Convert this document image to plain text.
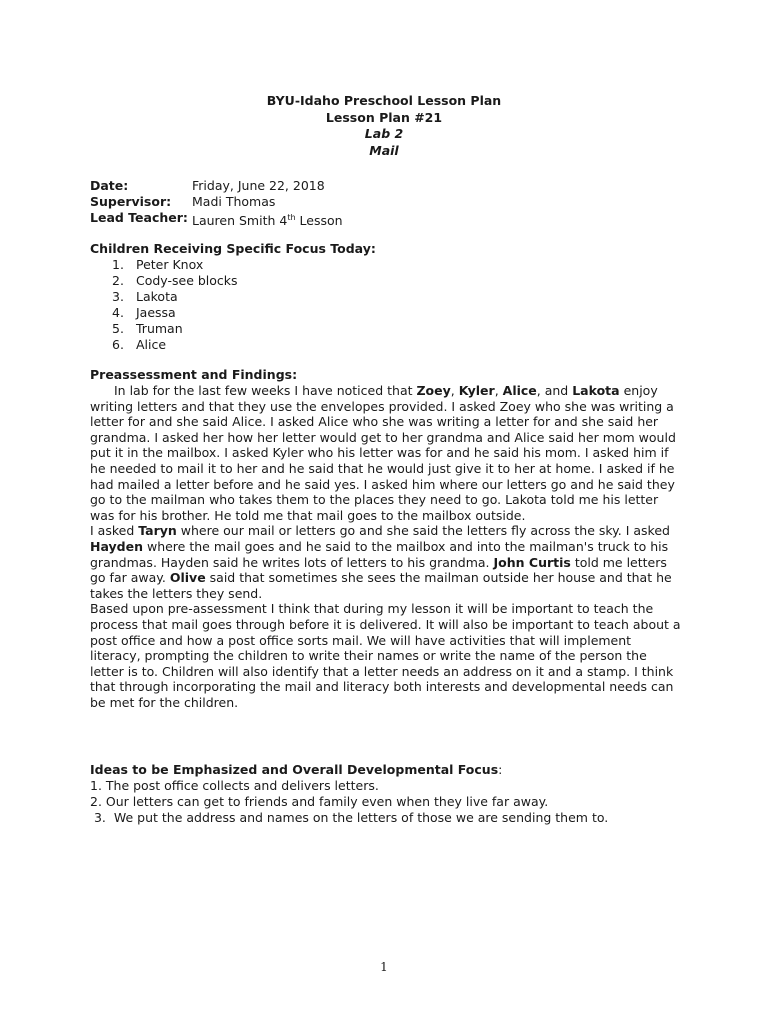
BYU-Idaho Preschool Lesson Plan
Lesson Plan #21
Lab 2
Mail
Date:	Friday, June 22, 2018
Supervisor:	Madi Thomas
Lead Teacher: Lauren Smith 4th Lesson
Children Receiving Specific Focus Today:
1. Peter Knox
2. Cody-see blocks
3. Lakota
4. Jaessa
5. Truman
6. Alice
Preassessment and Findings:

In lab for the last few weeks I have noticed that Zoey, Kyler, Alice, and Lakota enjoy writing letters and that they use the envelopes provided. I asked Zoey who she was writing a letter for and she said Alice. I asked Alice who she was writing a letter for and she said her grandma. I asked her how her letter would get to her grandma and Alice said her mom would put it in the mailbox. I asked Kyler who his letter was for and he said his mom. I asked him if he needed to mail it to her and he said that he would just give it to her at home. I asked if he had mailed a letter before and he said yes. I asked him where our letters go and he said they go to the mailman who takes them to the places they need to go. Lakota told me his letter was for his brother. He told me that mail goes to the mailbox outside.

I asked Taryn where our mail or letters go and she said the letters fly across the sky. I asked Hayden where the mail goes and he said to the mailbox and into the mailman's truck to his grandmas. Hayden said he writes lots of letters to his grandma. John Curtis told me letters go far away. Olive said that sometimes she sees the mailman outside her house and that he takes the letters they send.

Based upon pre-assessment I think that during my lesson it will be important to teach the process that mail goes through before it is delivered. It will also be important to teach about a post office and how a post office sorts mail. We will have activities that will implement literacy, prompting the children to write their names or write the name of the person the letter is to. Children will also identify that a letter needs an address on it and a stamp. I think that through incorporating the mail and literacy both interests and developmental needs can be met for the children.

Ideas to be Emphasized and Overall Developmental Focus:
1. The post office collects and delivers letters.
2. Our letters can get to friends and family even when they live far away.
3.  We put the address and names on the letters of those we are sending them to.
1
